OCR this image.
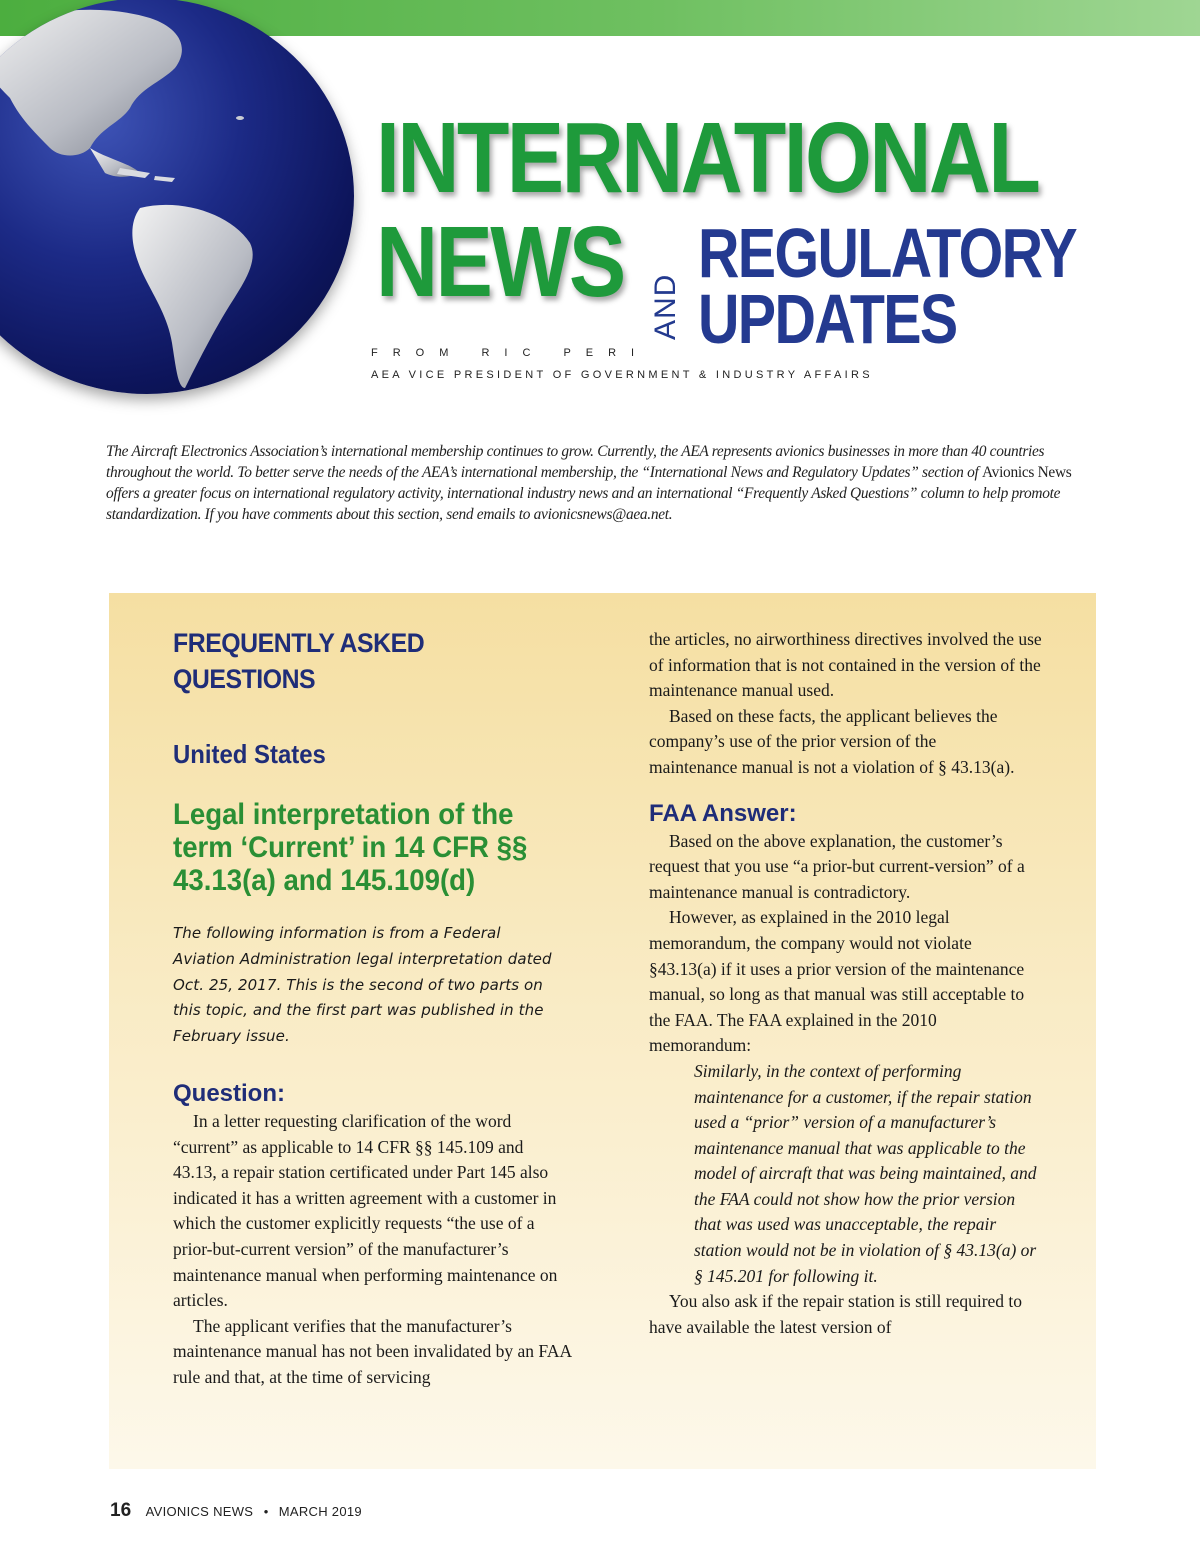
INTERNATIONAL
NEWS AND
REGULATORY
UPDATES
FROM RIC PERI
AEA VICE PRESIDENT OF GOVERNMENT & INDUSTRY AFFAIRS
The Aircraft Electronics Association’s international membership continues to grow. Currently, the AEA represents avionics businesses in more than 40 countries throughout the world. To better serve the needs of the AEA’s international membership, the “International News and Regulatory Updates” section of Avionics News offers a greater focus on international regulatory activity, international industry news and an international “Frequently Asked Questions” column to help promote standardization. If you have comments about this section, send emails to avionicsnews@aea.net.
FREQUENTLY ASKED QUESTIONS
United States
Legal interpretation of the term ‘Current’ in 14 CFR §§ 43.13(a) and 145.109(d)

The following information is from a Federal Aviation Administration legal interpretation dated Oct. 25, 2017. This is the second of two parts on this topic, and the first part was published in the February issue.

Question:

In a letter requesting clarification of the word “current” as applicable to 14 CFR §§ 145.109 and 43.13, a repair station certificated under Part 145 also indicated it has a written agreement with a customer in which the customer explicitly requests “the use of a prior-but-current version” of the manufacturer’s maintenance manual when performing maintenance on articles.

The applicant verifies that the manufacturer’s maintenance manual has not been invalidated by an FAA rule and that, at the time of servicing

the articles, no airworthiness directives involved the use of information that is not contained in the version of the maintenance manual used.

Based on these facts, the applicant believes the company’s use of the prior version of the maintenance manual is not a violation of § 43.13(a).

FAA Answer:

Based on the above explanation, the customer’s request that you use “a prior-but current-version” of a maintenance manual is contradictory.

However, as explained in the 2010 legal memorandum, the company would not violate §43.13(a) if it uses a prior version of the maintenance manual, so long as that manual was still acceptable to the FAA. The FAA explained in the 2010 memorandum:

Similarly, in the context of performing maintenance for a customer, if the repair station used a “prior” version of a manufacturer’s maintenance manual that was applicable to the model of aircraft that was being maintained, and the FAA could not show how the prior version that was used was unacceptable, the repair station would not be in violation of § 43.13(a) or § 145.201 for following it.

You also ask if the repair station is still required to have available the latest version of

16 AVIONICS NEWS • MARCH 2019
